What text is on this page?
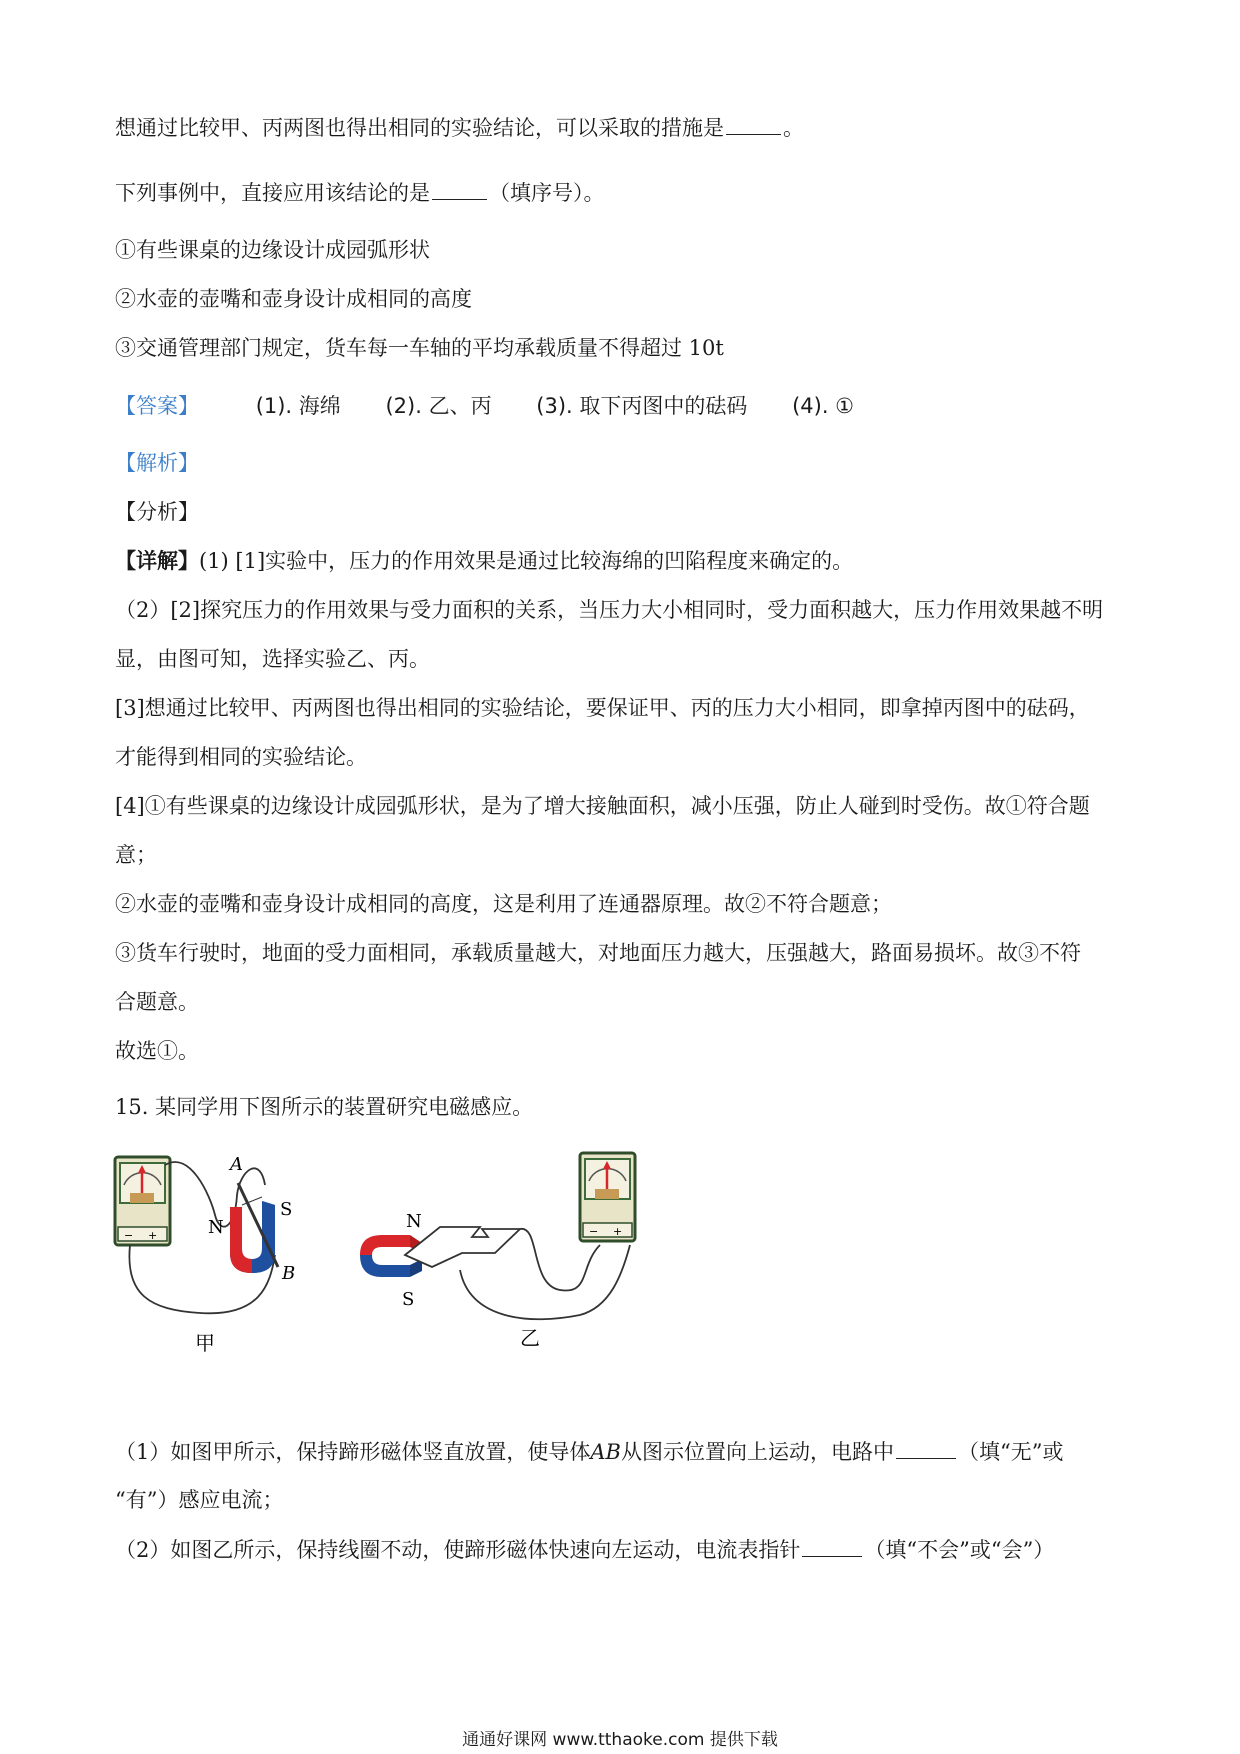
想通过比较甲、丙两图也得出相同的实验结论，可以采取的措施是	。
下列事例中，直接应用该结论的是	（填序号）。
①有些课桌的边缘设计成园弧形状
②水壶的壶嘴和壶身设计成相同的高度
③交通管理部门规定，货车每一车轴的平均承载质量不得超过 10t
【答案】	(1). 海绵 (2). 乙、丙 (3). 取下丙图中的砝码 (4). ①
【解析】
【分析】
【详解】(1) [1]实验中，压力的作用效果是通过比较海绵的凹陷程度来确定的。
（2）[2]探究压力的作用效果与受力面积的关系，当压力大小相同时，受力面积越大，压力作用效果越不明
显，由图可知，选择实验乙、丙。
[3]想通过比较甲、丙两图也得出相同的实验结论，要保证甲、丙的压力大小相同，即拿掉丙图中的砝码，
才能得到相同的实验结论。
[4]①有些课桌的边缘设计成园弧形状，是为了增大接触面积，减小压强，防止人碰到时受伤。故①符合题
意；
②水壶的壶嘴和壶身设计成相同的高度，这是利用了连通器原理。故②不符合题意；
③货车行驶时，地面的受力面相同，承载质量越大，对地面压力越大，压强越大，路面易损坏。故③不符
合题意。
故选①。
15. 某同学用下图所示的装置研究电磁感应。
− +
A
B
N
S
甲
N
S
− +
乙
（1）如图甲所示，保持蹄形磁体竖直放置，使导体AB从图示位置向上运动，电路中	（填“无”或
“有”）感应电流；
（2）如图乙所示，保持线圈不动，使蹄形磁体快速向左运动，电流表指针	（填“不会”或“会”）
通通好课网 www.tthaoke.com 提供下载
